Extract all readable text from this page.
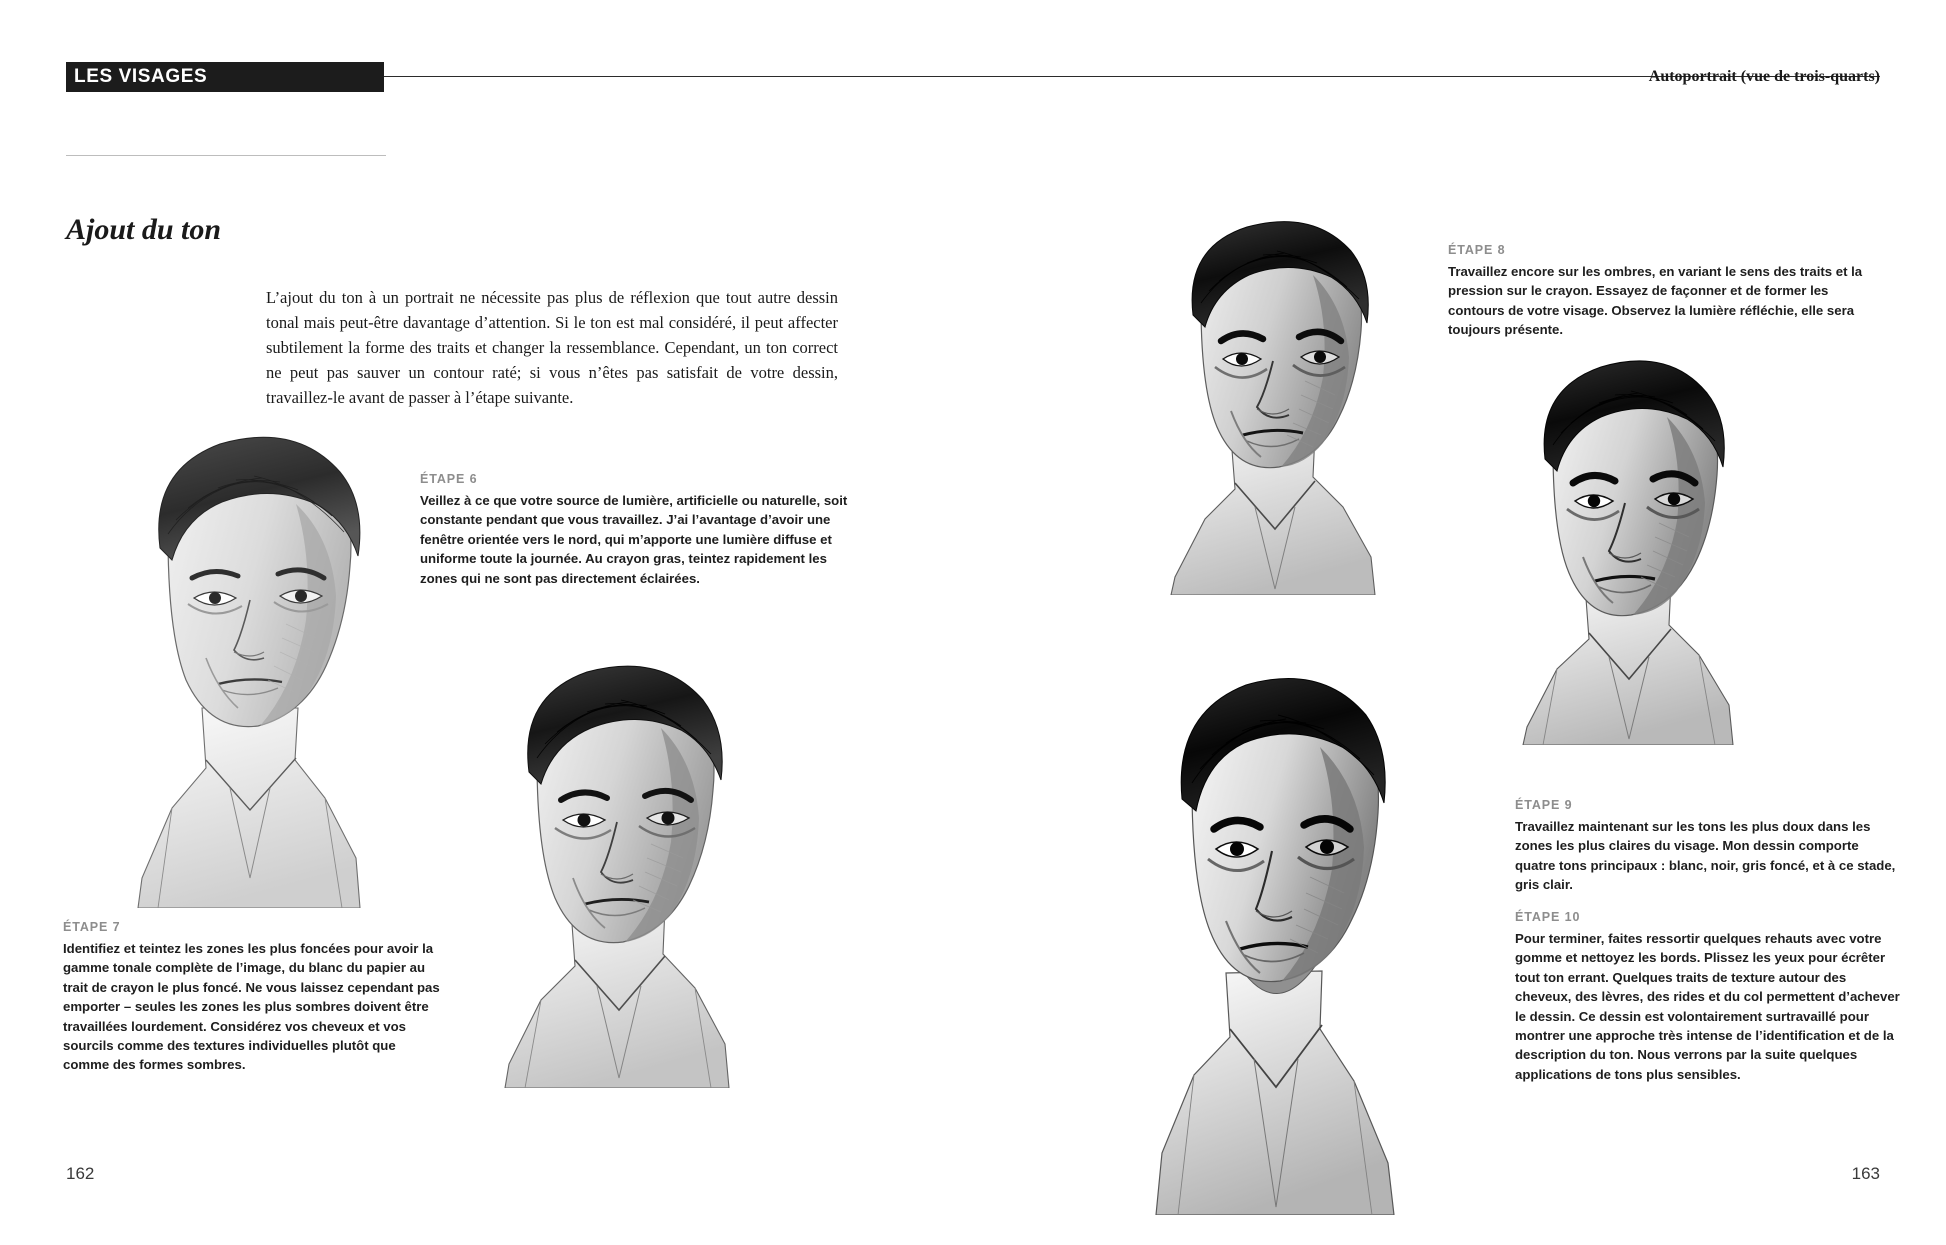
LES VISAGES	Autoportrait (vue de trois-quarts)
Ajout du ton
L’ajout du ton à un portrait ne nécessite pas plus de réflexion que tout autre dessin tonal mais peut-être davantage d’attention. Si le ton est mal considéré, il peut affecter subtilement la forme des traits et changer la ressemblance. Cependant, un ton correct ne peut pas sauver un contour raté; si vous n’êtes pas satisfait de votre dessin, travaillez-le avant de passer à l’étape suivante.
ÉTAPE 6
Veillez à ce que votre source de lumière, artificielle ou naturelle, soit constante pendant que vous travaillez. J’ai l’avantage d’avoir une fenêtre orientée vers le nord, qui m’apporte une lumière diffuse et uniforme toute la journée. Au crayon gras, teintez rapidement les zones qui ne sont pas directement éclairées.
ÉTAPE 7
Identifiez et teintez les zones les plus foncées pour avoir la gamme tonale complète de l’image, du blanc du papier au trait de crayon le plus foncé. Ne vous laissez cependant pas emporter – seules les zones les plus sombres doivent être travaillées lourdement. Considérez vos cheveux et vos sourcils comme des textures individuelles plutôt que comme des formes sombres.
ÉTAPE 8
Travaillez encore sur les ombres, en variant le sens des traits et la pression sur le crayon. Essayez de façonner et de former les contours de votre visage. Observez la lumière réfléchie, elle sera toujours présente.
ÉTAPE 9
Travaillez maintenant sur les tons les plus doux dans les zones les plus claires du visage. Mon dessin comporte quatre tons principaux : blanc, noir, gris foncé, et à ce stade, gris clair.
ÉTAPE 10
Pour terminer, faites ressortir quelques rehauts avec votre gomme et nettoyez les bords. Plissez les yeux pour écrêter tout ton errant. Quelques traits de texture autour des cheveux, des lèvres, des rides et du col permettent d’achever le dessin. Ce dessin est volontairement surtravaillé pour montrer une approche très intense de l’identification et de la description du ton. Nous verrons par la suite quelques applications de tons plus sensibles.
162	163
